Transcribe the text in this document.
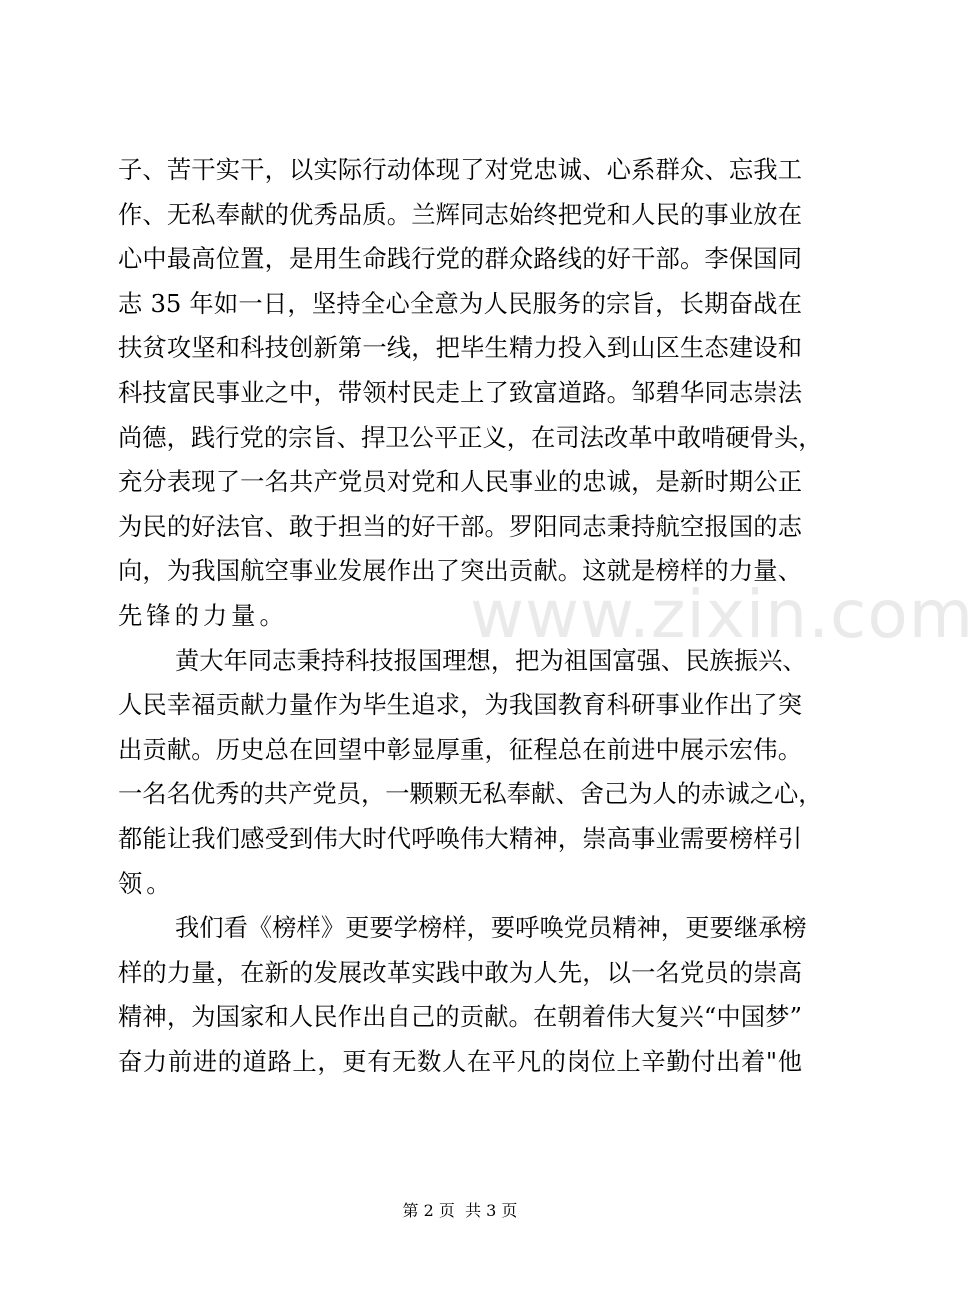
子、苦干实干，以实际行动体现了对党忠诚、心系群众、忘我工
作、无私奉献的优秀品质。兰辉同志始终把党和人民的事业放在
心中最高位置，是用生命践行党的群众路线的好干部。李保国同
志 35 年如一日，坚持全心全意为人民服务的宗旨，长期奋战在
扶贫攻坚和科技创新第一线，把毕生精力投入到山区生态建设和
科技富民事业之中，带领村民走上了致富道路。邹碧华同志崇法
尚德，践行党的宗旨、捍卫公平正义，在司法改革中敢啃硬骨头，
充分表现了一名共产党员对党和人民事业的忠诚，是新时期公正
为民的好法官、敢于担当的好干部。罗阳同志秉持航空报国的志
向，为我国航空事业发展作出了突出贡献。这就是榜样的力量、
先锋的力量。
黄大年同志秉持科技报国理想，把为祖国富强、民族振兴、
人民幸福贡献力量作为毕生追求，为我国教育科研事业作出了突
出贡献。历史总在回望中彰显厚重，征程总在前进中展示宏伟。
一名名优秀的共产党员，一颗颗无私奉献、舍己为人的赤诚之心，
都能让我们感受到伟大时代呼唤伟大精神，崇高事业需要榜样引
领。
我们看《榜样》更要学榜样，要呼唤党员精神，更要继承榜
样的力量，在新的发展改革实践中敢为人先，以一名党员的崇高
精神，为国家和人民作出自己的贡献。在朝着伟大复兴“中国梦”
奋力前进的道路上，更有无数人在平凡的岗位上辛勤付出着"他
www.zixin.com
第 2 页  共 3 页
